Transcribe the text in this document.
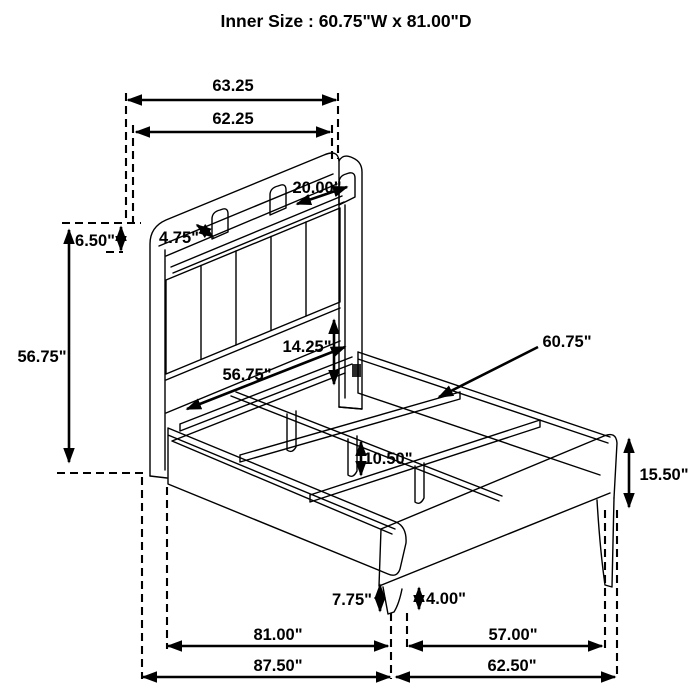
Inner Size : 60.75"W x 81.00"D
63.25
62.25
20.00"
4.75"
6.50"
56.75"
14.25"
56.75"
60.75"
10.50"
15.50"
7.75"	4.00"
81.00"	57.00"
87.50"	62.50"
